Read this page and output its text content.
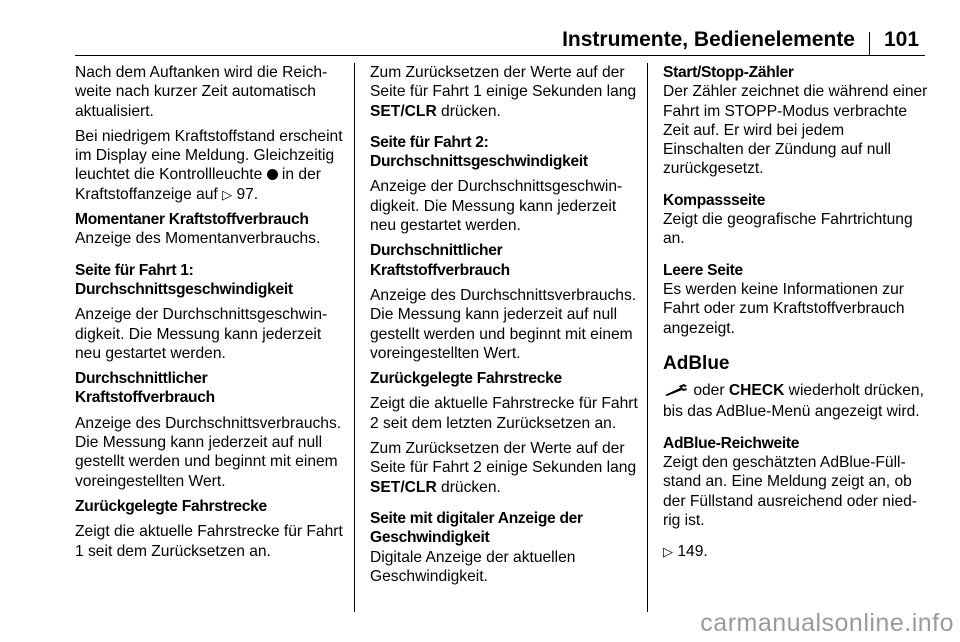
Instrumente, Bedienelemente 101

Nach dem Auftanken wird die Reichweite nach kurzer Zeit automatisch aktualisiert.

Bei niedrigem Kraftstoffstand erscheint im Display eine Meldung. Gleichzeitig leuchtet die Kontrollleuchte  in der Kraftstoffanzeige auf ▷ 97.

Momentaner Kraftstoffverbrauch

Anzeige des Momentanverbrauchs.

Seite für Fahrt 1:

Durchschnittsgeschwindigkeit

Anzeige der Durchschnittsgeschwindigkeit. Die Messung kann jederzeit neu gestartet werden.

Durchschnittlicher

Kraftstoffverbrauch

Anzeige des Durchschnittsverbrauchs. Die Messung kann jederzeit auf null gestellt werden und beginnt mit einem voreingestellten Wert.

Zurückgelegte Fahrstrecke

Zeigt die aktuelle Fahrstrecke für Fahrt 1 seit dem Zurücksetzen an.

Zum Zurücksetzen der Werte auf der Seite für Fahrt 1 einige Sekunden lang SET/CLR drücken.

Seite für Fahrt 2:

Durchschnittsgeschwindigkeit

Anzeige der Durchschnittsgeschwindigkeit. Die Messung kann jederzeit neu gestartet werden.

Durchschnittlicher

Kraftstoffverbrauch

Anzeige des Durchschnittsverbrauchs. Die Messung kann jederzeit auf null gestellt werden und beginnt mit einem voreingestellten Wert.

Zurückgelegte Fahrstrecke

Zeigt die aktuelle Fahrstrecke für Fahrt 2 seit dem letzten Zurücksetzen an.

Zum Zurücksetzen der Werte auf der Seite für Fahrt 2 einige Sekunden lang SET/CLR drücken.

Seite mit digitaler Anzeige der

Geschwindigkeit

Digitale Anzeige der aktuellen Geschwindigkeit.

Start/Stopp-Zähler

Der Zähler zeichnet die während einer Fahrt im STOPP-Modus verbrachte Zeit auf. Er wird bei jedem Einschalten der Zündung auf null zurückgesetzt.

Kompassseite

Zeigt die geografische Fahrtrichtung an.

Leere Seite

Es werden keine Informationen zur Fahrt oder zum Kraftstoffverbrauch angezeigt.

AdBlue

oder CHECK wiederholt drücken, bis das AdBlue-Menü angezeigt wird.

AdBlue-Reichweite

Zeigt den geschätzten AdBlue-Füllstand an. Eine Meldung zeigt an, ob der Füllstand ausreichend oder niedrig ist.

▷ 149.

carmanualsonline.info
